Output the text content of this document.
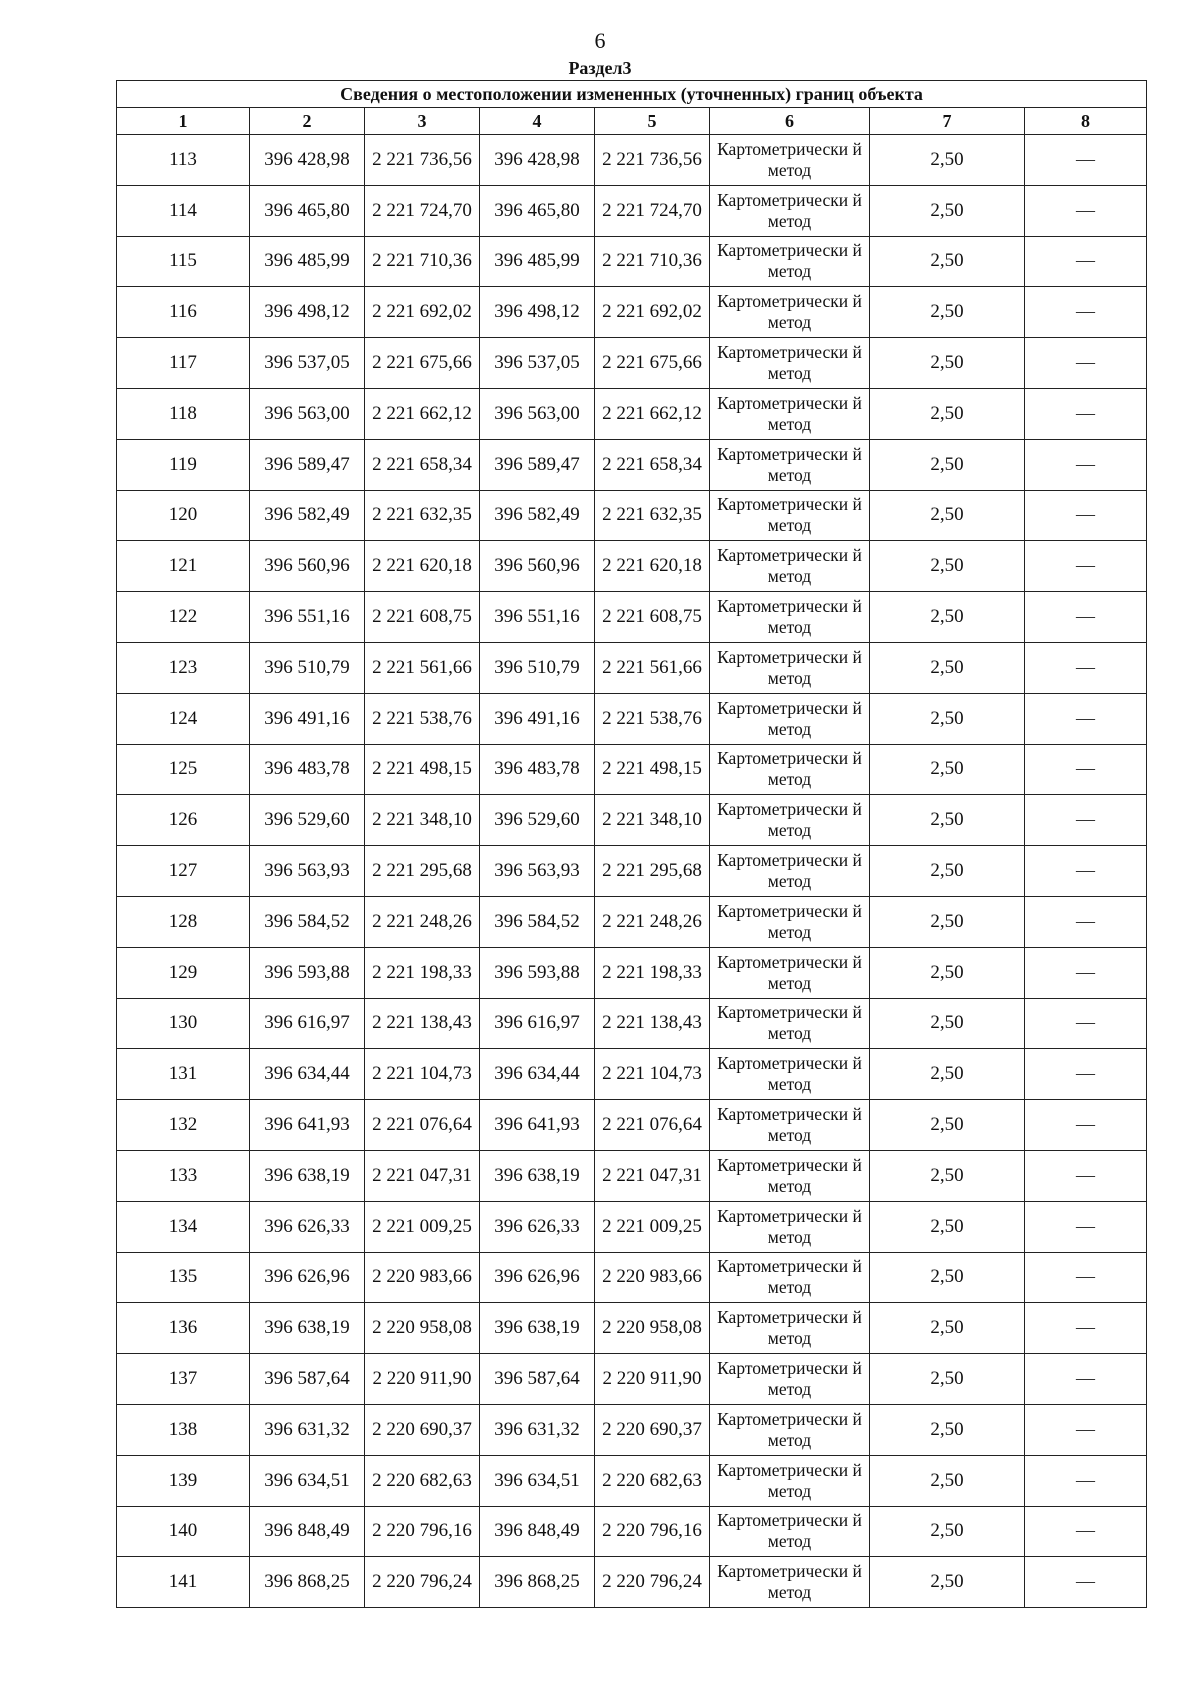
6
Раздел3
Сведения о местоположении измененных (уточненных) границ объекта							
1	2	3	4	5	6	7	8
113	396 428,98	2 221 736,56	396 428,98	2 221 736,56	Картометрически й метод	2,50	—
114	396 465,80	2 221 724,70	396 465,80	2 221 724,70	Картометрически й метод	2,50	—
115	396 485,99	2 221 710,36	396 485,99	2 221 710,36	Картометрически й метод	2,50	—
116	396 498,12	2 221 692,02	396 498,12	2 221 692,02	Картометрически й метод	2,50	—
117	396 537,05	2 221 675,66	396 537,05	2 221 675,66	Картометрически й метод	2,50	—
118	396 563,00	2 221 662,12	396 563,00	2 221 662,12	Картометрически й метод	2,50	—
119	396 589,47	2 221 658,34	396 589,47	2 221 658,34	Картометрически й метод	2,50	—
120	396 582,49	2 221 632,35	396 582,49	2 221 632,35	Картометрически й метод	2,50	—
121	396 560,96	2 221 620,18	396 560,96	2 221 620,18	Картометрически й метод	2,50	—
122	396 551,16	2 221 608,75	396 551,16	2 221 608,75	Картометрически й метод	2,50	—
123	396 510,79	2 221 561,66	396 510,79	2 221 561,66	Картометрически й метод	2,50	—
124	396 491,16	2 221 538,76	396 491,16	2 221 538,76	Картометрически й метод	2,50	—
125	396 483,78	2 221 498,15	396 483,78	2 221 498,15	Картометрически й метод	2,50	—
126	396 529,60	2 221 348,10	396 529,60	2 221 348,10	Картометрически й метод	2,50	—
127	396 563,93	2 221 295,68	396 563,93	2 221 295,68	Картометрически й метод	2,50	—
128	396 584,52	2 221 248,26	396 584,52	2 221 248,26	Картометрически й метод	2,50	—
129	396 593,88	2 221 198,33	396 593,88	2 221 198,33	Картометрически й метод	2,50	—
130	396 616,97	2 221 138,43	396 616,97	2 221 138,43	Картометрически й метод	2,50	—
131	396 634,44	2 221 104,73	396 634,44	2 221 104,73	Картометрически й метод	2,50	—
132	396 641,93	2 221 076,64	396 641,93	2 221 076,64	Картометрически й метод	2,50	—
133	396 638,19	2 221 047,31	396 638,19	2 221 047,31	Картометрически й метод	2,50	—
134	396 626,33	2 221 009,25	396 626,33	2 221 009,25	Картометрически й метод	2,50	—
135	396 626,96	2 220 983,66	396 626,96	2 220 983,66	Картометрически й метод	2,50	—
136	396 638,19	2 220 958,08	396 638,19	2 220 958,08	Картометрически й метод	2,50	—
137	396 587,64	2 220 911,90	396 587,64	2 220 911,90	Картометрически й метод	2,50	—
138	396 631,32	2 220 690,37	396 631,32	2 220 690,37	Картометрически й метод	2,50	—
139	396 634,51	2 220 682,63	396 634,51	2 220 682,63	Картометрически й метод	2,50	—
140	396 848,49	2 220 796,16	396 848,49	2 220 796,16	Картометрически й метод	2,50	—
141	396 868,25	2 220 796,24	396 868,25	2 220 796,24	Картометрически й метод	2,50	—
